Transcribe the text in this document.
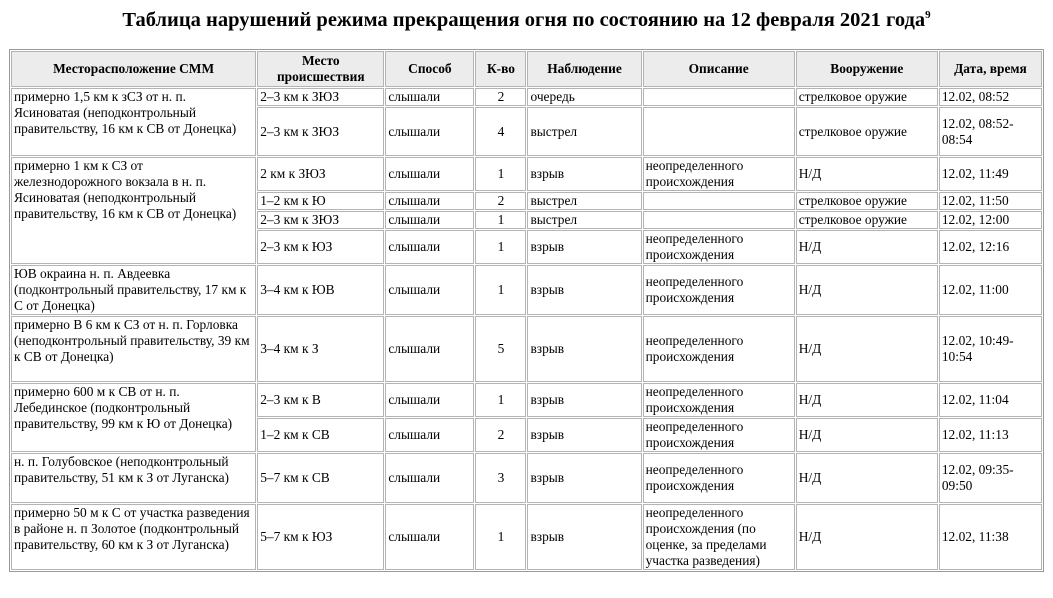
Таблица нарушений режима прекращения огня по состоянию на 12 февраля 2021 года$^9$
Месторасположение СММ	Место происшествия	Способ	К-во	Наблюдение	Описание	Вооружение	Дата, время
примерно 1,5 км к зСЗ от н. п. Ясиноватая (неподконтрольный правительству, 16 км к СВ от Донецка)	2–3 км к ЗЮЗ	слышали	2	очередь		стрелковое оружие	12.02, 08:52
	2–3 км к ЗЮЗ	слышали	4	выстрел		стрелковое оружие	12.02, 08:52-08:54
примерно 1 км к СЗ от железнодорожного вокзала в н. п. Ясиноватая (неподконтрольный правительству, 16 км к СВ от Донецка)	2 км к ЗЮЗ	слышали	1	взрыв	неопределенного происхождения	Н/Д	12.02, 11:49
	1–2 км к Ю	слышали	2	выстрел		стрелковое оружие	12.02, 11:50
	2–3 км к ЗЮЗ	слышали	1	выстрел		стрелковое оружие	12.02, 12:00
	2–3 км к ЮЗ	слышали	1	взрыв	неопределенного происхождения	Н/Д	12.02, 12:16
ЮВ окраина н. п. Авдеевка (подконтрольный правительству, 17 км к С от Донецка)	3–4 км к ЮВ	слышали	1	взрыв	неопределенного происхождения	Н/Д	12.02, 11:00
примерно В 6 км к СЗ от н. п. Горловка (неподконтрольный правительству, 39 км к СВ от Донецка)	3–4 км к З	слышали	5	взрыв	неопределенного происхождения	Н/Д	12.02, 10:49-10:54
примерно 600 м к СВ от н. п. Лебединское (подконтрольный правительству, 99 км к Ю от Донецка)	2–3 км к В	слышали	1	взрыв	неопределенного происхождения	Н/Д	12.02, 11:04
	1–2 км к СВ	слышали	2	взрыв	неопределенного происхождения	Н/Д	12.02, 11:13
н. п. Голубовское (неподконтрольный правительству, 51 км к З от Луганска)	5–7 км к СВ	слышали	3	взрыв	неопределенного происхождения	Н/Д	12.02, 09:35-09:50
примерно 50 м к С от участка разведения в районе н. п Золотое (подконтрольный правительству, 60 км к З от Луганска)	5–7 км к ЮЗ	слышали	1	взрыв	неопределенного происхождения (по оценке, за пределами участка разведения)	Н/Д	12.02, 11:38
